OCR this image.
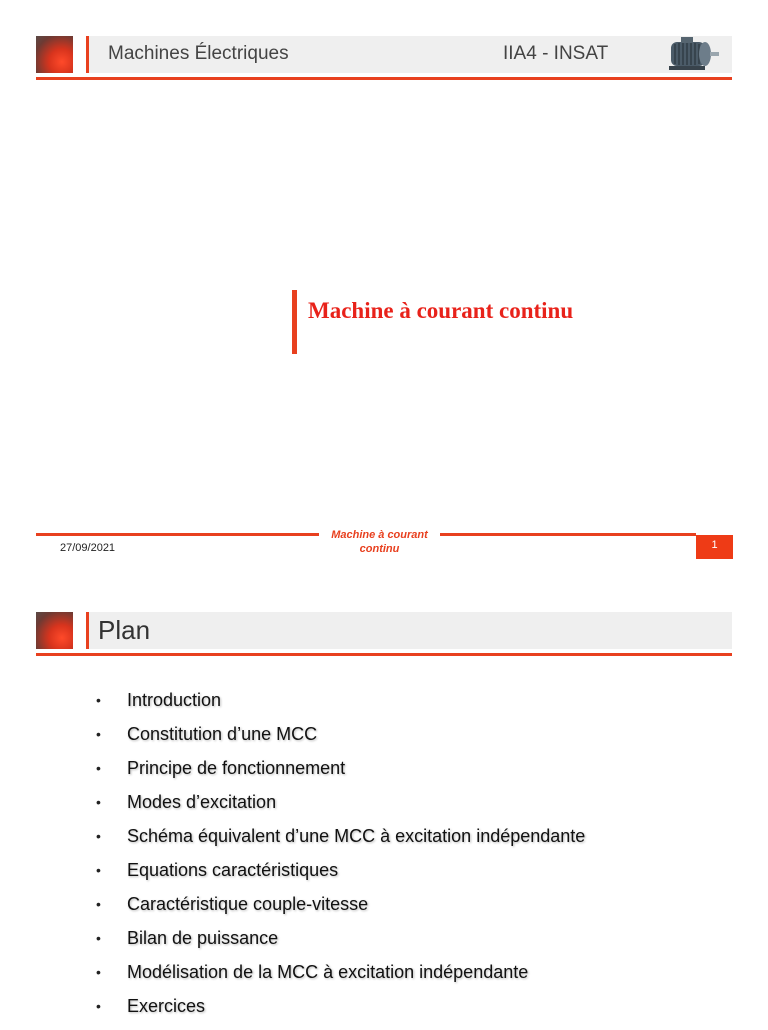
Machines Électriques	IIA4 - INSAT
Machine à courant continu
27/09/2021
Machine à courant
continu	1
Plan
• Introduction
• Constitution d’une MCC
• Principe de fonctionnement
• Modes d’excitation
• Schéma équivalent d’une MCC à excitation indépendante
• Equations caractéristiques
• Caractéristique couple-vitesse
• Bilan de puissance
• Modélisation de la MCC à excitation indépendante
• Exercices
